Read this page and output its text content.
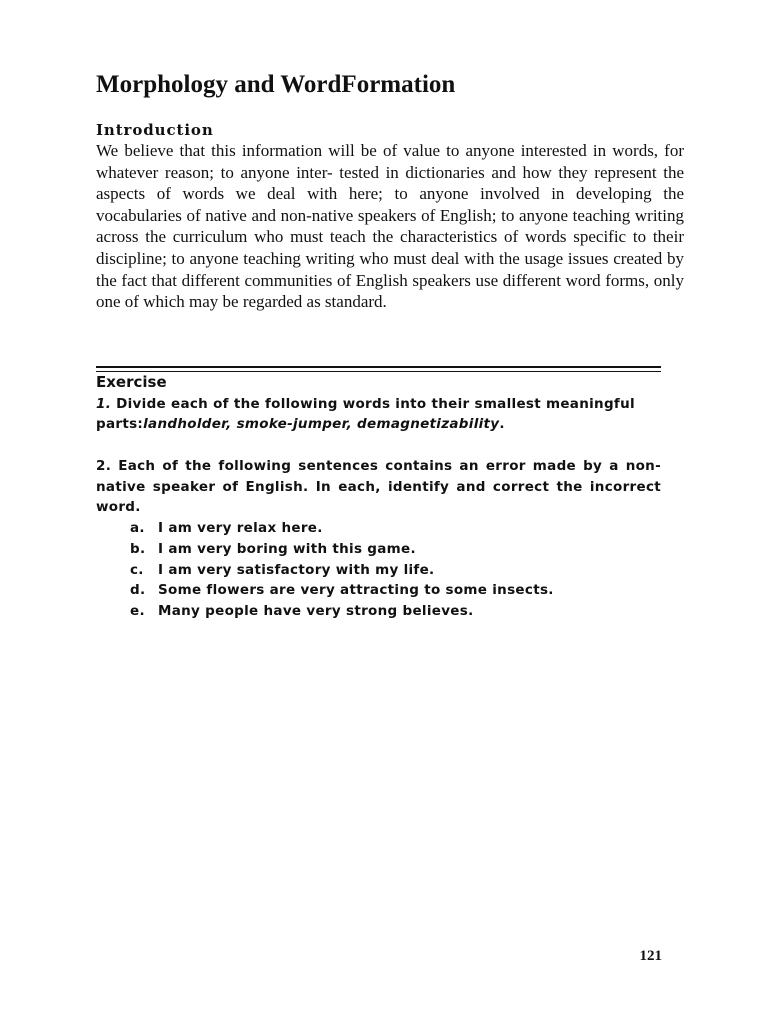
Morphology and WordFormation
Introduction

We believe that this information will be of value to anyone interested in words, for whatever reason; to anyone inter- tested in dictionaries and how they represent the aspects of words we deal with here; to anyone involved in developing the vocabularies of native and non-native speakers of English; to anyone teaching writing across the curriculum who must teach the characteristics of words specific to their discipline; to anyone teaching writing who must deal with the usage issues created by the fact that different communities of English speakers use different word forms, only one of which may be regarded as standard.

Exercise

1. Divide each of the following words into their smallest meaningful parts:landholder, smoke-jumper, demagnetizability.

2. Each of the following sentences contains an error made by a non-native speaker of English. In each, identify and correct the incorrect word.

a. I am very relax here.
b. I am very boring with this game.
c. I am very satisfactory with my life.
d. Some flowers are very attracting to some insects.
e. Many people have very strong believes.
121
